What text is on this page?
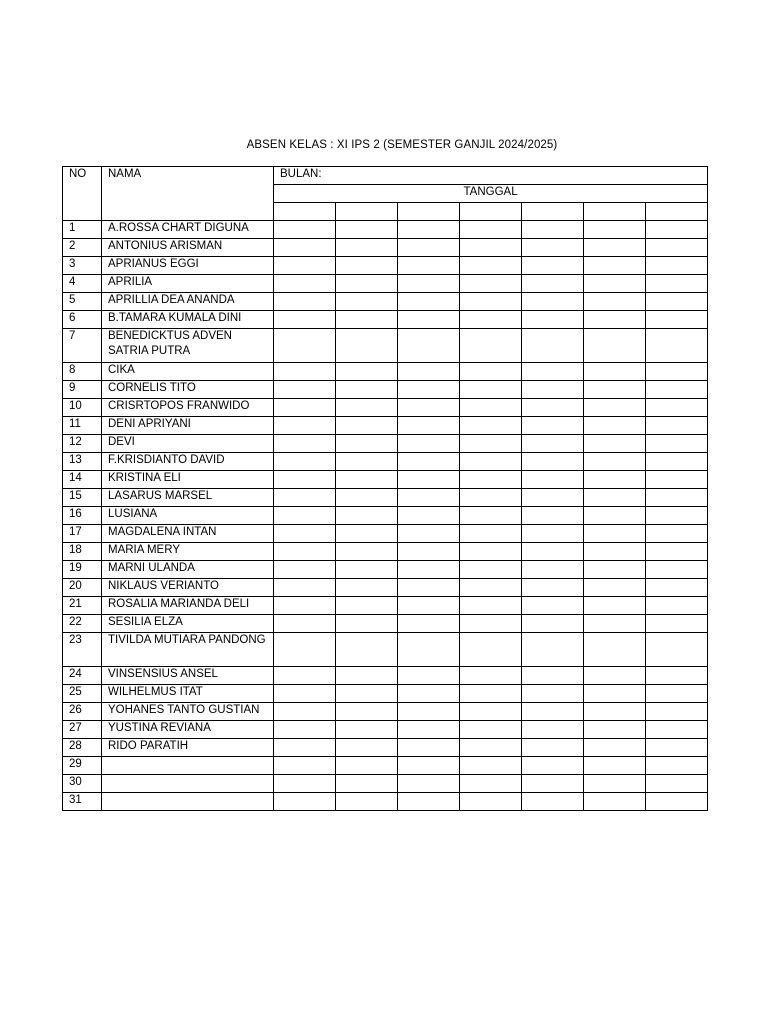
ABSEN KELAS : XI IPS 2 (SEMESTER GANJIL 2024/2025)
NO	NAMA	BULAN:						
		TANGGAL						

1	A.ROSSA CHART DIGUNA							
2	ANTONIUS ARISMAN							
3	APRIANUS EGGI							
4	APRILIA							
5	APRILLIA DEA ANANDA							
6	B.TAMARA KUMALA DINI							
7	BENEDICKTUS ADVEN SATRIA PUTRA							
8	CIKA							
9	CORNELIS TITO							
10	CRISRTOPOS FRANWIDO							
11	DENI APRIYANI							
12	DEVI							
13	F.KRISDIANTO DAVID							
14	KRISTINA ELI							
15	LASARUS MARSEL							
16	LUSIANA							
17	MAGDALENA INTAN							
18	MARIA MERY							
19	MARNI ULANDA							
20	NIKLAUS VERIANTO							
21	ROSALIA MARIANDA DELI							
22	SESILIA ELZA							
23	TIVILDA MUTIARA PANDONG							
24	VINSENSIUS ANSEL							
25	WILHELMUS ITAT							
26	YOHANES TANTO GUSTIAN							
27	YUSTINA REVIANA							
28	RIDO PARATIH							
29								
30								
31								
